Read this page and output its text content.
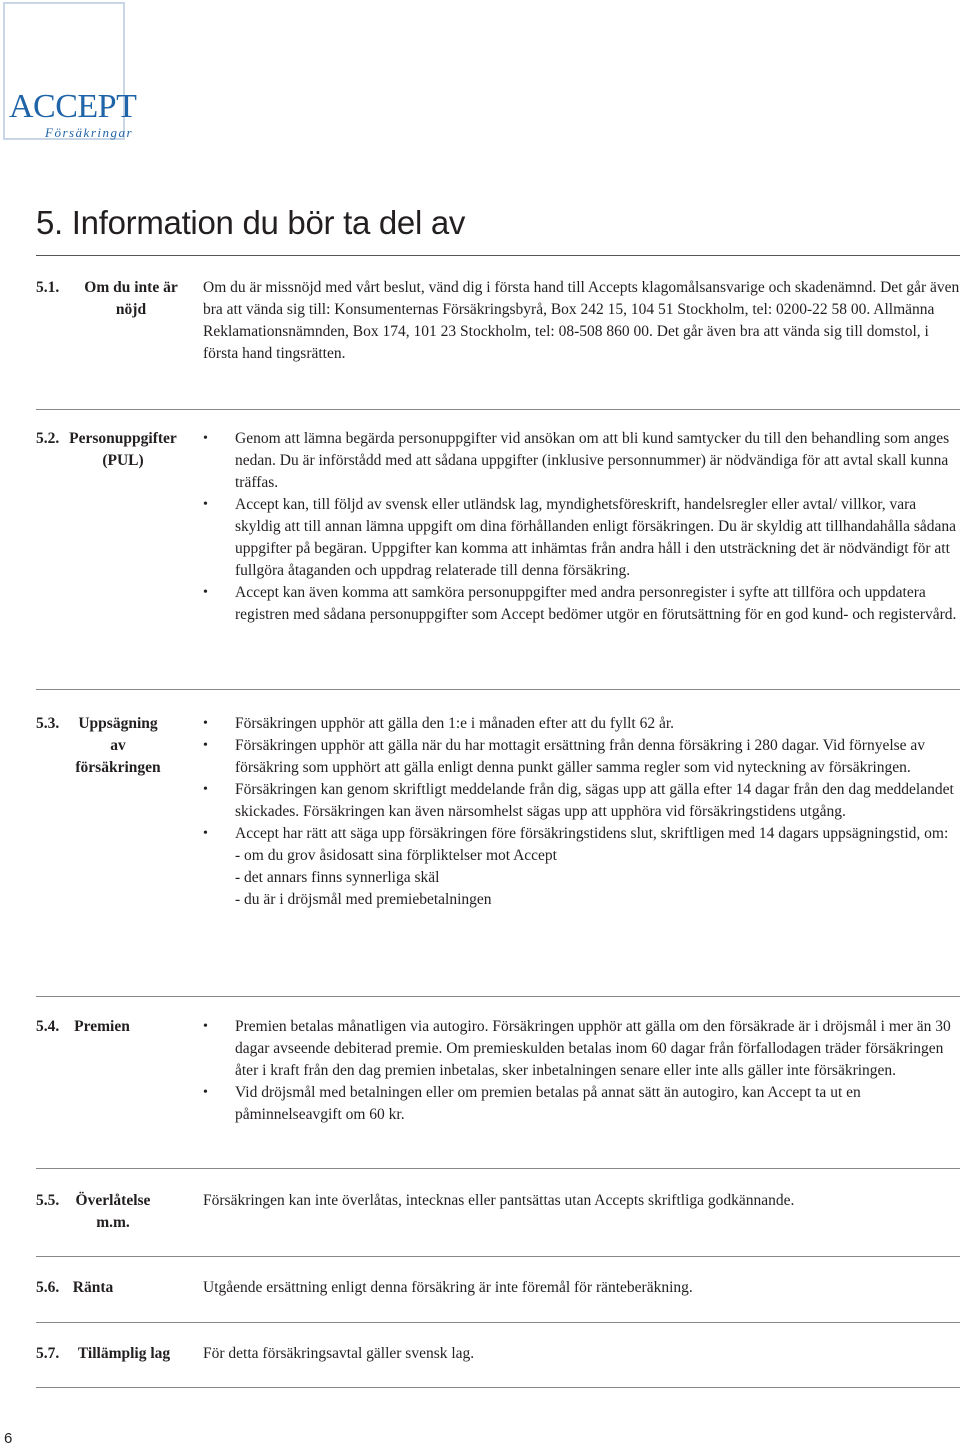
ACCEPT
Försäkringar
5. Information du bör ta del av
5.1.	Om du inte är nöjd
Om du är missnöjd med vårt beslut, vänd dig i första hand till Accepts klagomålsansvarige och skadenämnd. Det går även bra att vända sig till: Konsumenternas Försäkringsbyrå, Box 242 15, 104 51 Stockholm, tel: 0200-22 58 00. Allmänna Reklamationsnämnden, Box 174, 101 23 Stockholm, tel: 08-508 860 00. Det går även bra att vända sig till domstol, i första hand tingsrätten.
5.2. Personuppgifter (PUL)
• Genom att lämna begärda personuppgifter vid ansökan om att bli kund samtycker du till den behandling som anges nedan. Du är införstådd med att sådana uppgifter (inklusive personnummer) är nödvändiga för att avtal skall kunna träffas.
• Accept kan, till följd av svensk eller utländsk lag, myndighetsföreskrift, handelsregler eller avtal/ villkor, vara skyldig att till annan lämna uppgift om dina förhållanden enligt försäkringen. Du är skyldig att tillhandahålla sådana uppgifter på begäran. Uppgifter kan komma att inhämtas från andra håll i den utsträckning det är nödvändigt för att fullgöra åtaganden och uppdrag relaterade till denna försäkring.
• Accept kan även komma att samköra personuppgifter med andra personregister i syfte att tillföra och uppdatera registren med sådana personuppgifter som Accept bedömer utgör en förutsättning för en god kund- och registervård.
5.3.	Uppsägning av försäkringen
• Försäkringen upphör att gälla den 1:e i månaden efter att du fyllt 62 år.
• Försäkringen upphör att gälla när du har mottagit ersättning från denna försäkring i 280 dagar. Vid förnyelse av försäkring som upphört att gälla enligt denna punkt gäller samma regler som vid nyteckning av försäkringen.
• Försäkringen kan genom skriftligt meddelande från dig, sägas upp att gälla efter 14 dagar från den dag meddelandet skickades. Försäkringen kan även närsomhelst sägas upp att upphöra vid försäkringstidens utgång.
• Accept har rätt att säga upp försäkringen före försäkringstidens slut, skriftligen med 14 dagars uppsägningstid, om:

- om du grov åsidosatt sina förpliktelser mot Accept

- det annars finns synnerliga skäl

- du är i dröjsmål med premiebetalningen

5.4. Premien
•	Premien betalas månatligen via autogiro. Försäkringen upphör att gälla om den försäkrade är i dröjsmål i mer än 30 dagar avseende debiterad premie. Om premieskulden betalas inom 60 dagar från förfallodagen träder försäkringen åter i kraft från den dag premien inbetalas, sker inbetalningen senare eller inte alls gäller inte försäkringen.
• Vid dröjsmål med betalningen eller om premien betalas på annat sätt än autogiro, kan Accept ta ut en påminnelseavgift om 60 kr.
5.5.	Överlåtelse m.m.
Försäkringen kan inte överlåtas, intecknas eller pantsättas utan Accepts skriftliga godkännande.
5.6. Ränta	Utgående ersättning enligt denna försäkring är inte föremål för ränteberäkning.
5.7.	Tillämplig lag	För detta försäkringsavtal gäller svensk lag.
6
